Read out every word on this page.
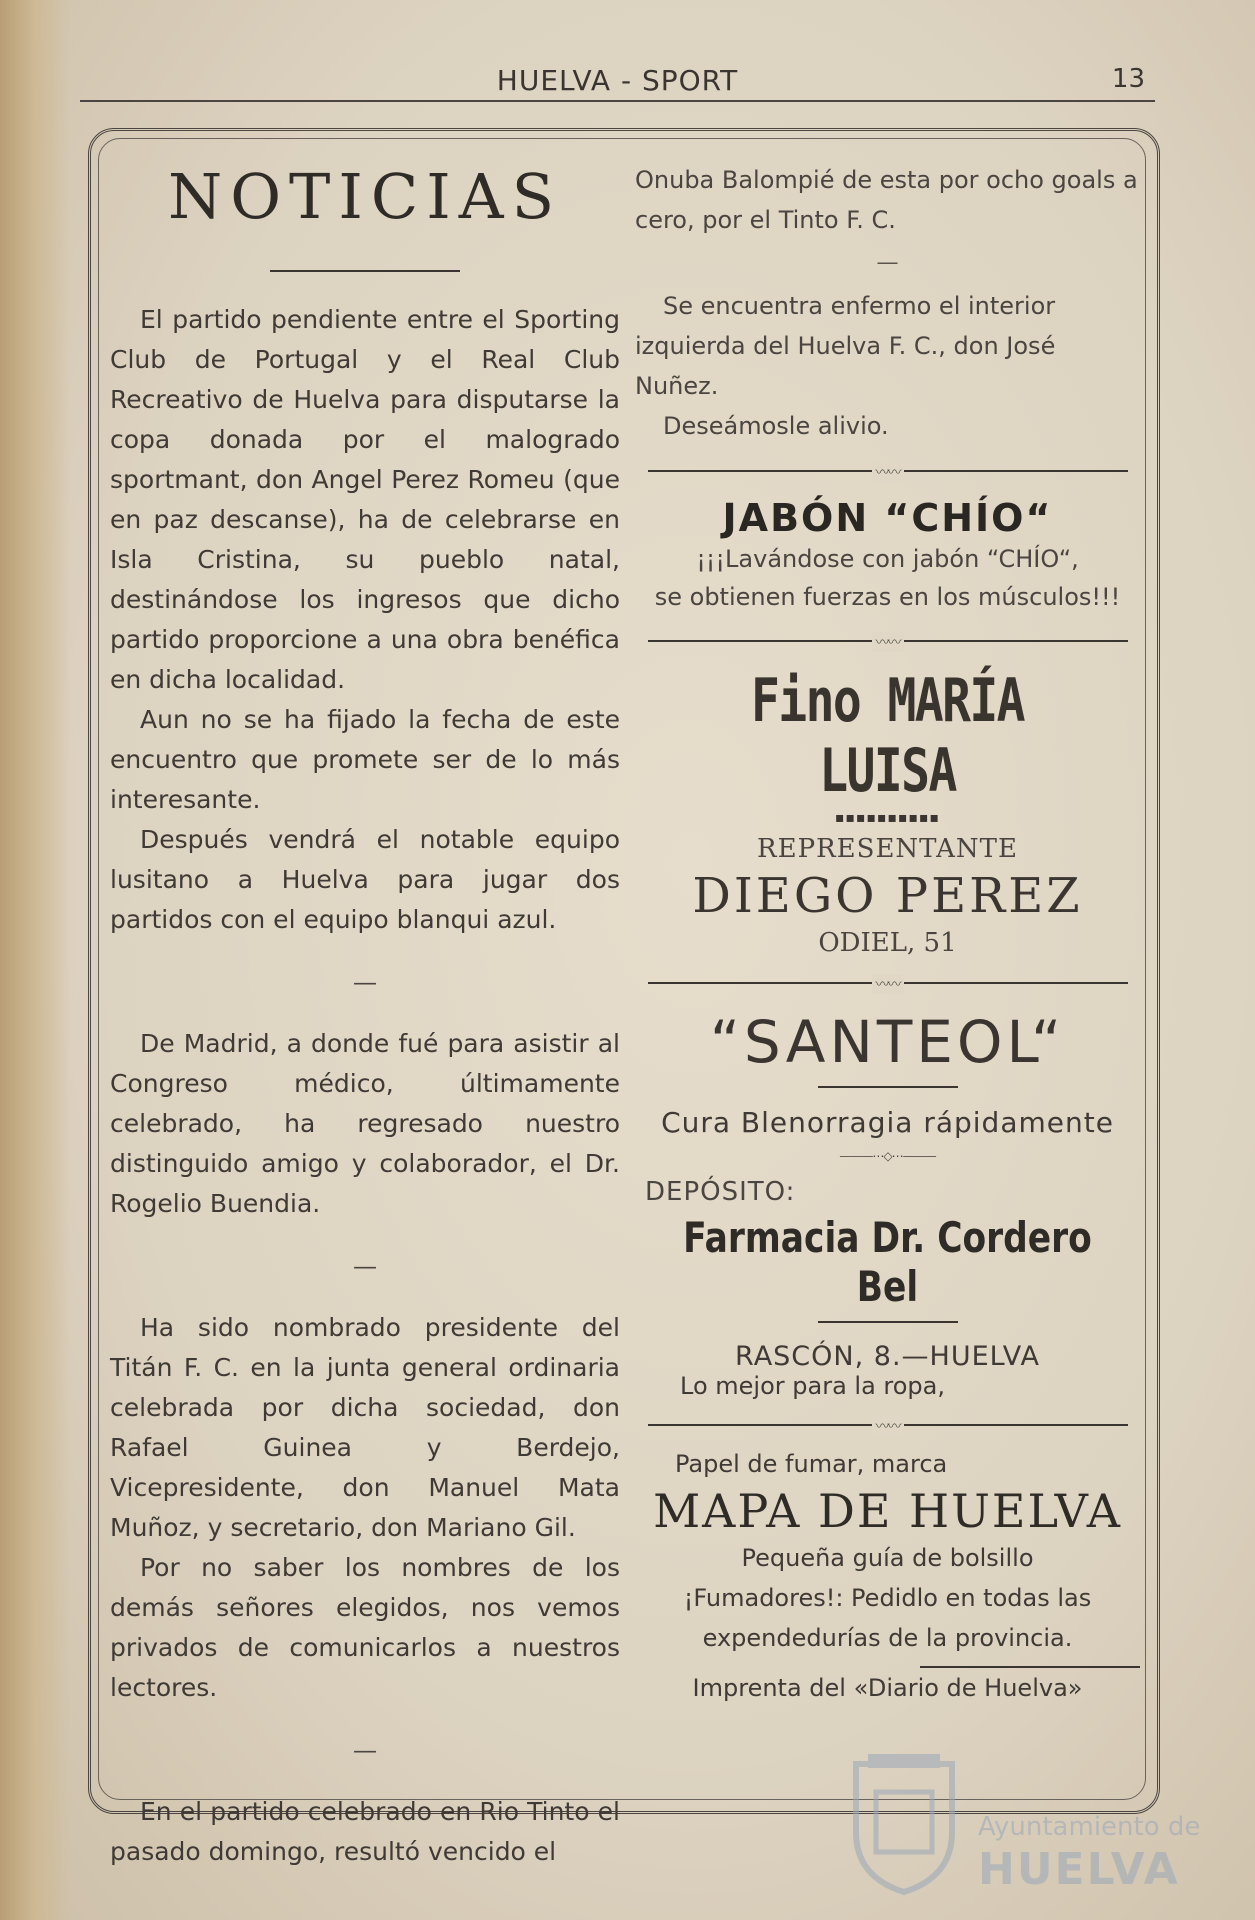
HUELVA - SPORT	13
NOTICIAS

El partido pendiente entre el Sporting Club de Portugal y el Real Club Recreativo de Huelva para disputarse la copa donada por el malogrado sportmant, don Angel Perez Romeu (que en paz descanse), ha de celebrarse en Isla Cristina, su pueblo natal, destinándose los ingresos que dicho partido proporcione a una obra benéfica en dicha localidad.

Aun no se ha fijado la fecha de este encuentro que promete ser de lo más interesante.

Después vendrá el notable equipo lusitano a Huelva para jugar dos partidos con el equipo blanqui azul.

—

De Madrid, a donde fué para asistir al Congreso médico, últimamente celebrado, ha regresado nuestro distinguido amigo y colaborador, el Dr. Rogelio Buendia.

—

Ha sido nombrado presidente del Titán F. C. en la junta general ordinaria celebrada por dicha sociedad, don Rafael Guinea y Berdejo, Vicepresidente, don Manuel Mata Muñoz, y secretario, don Mariano Gil.

Por no saber los nombres de los demás señores elegidos, nos vemos privados de comunicarlos a nuestros lectores.

—

En el partido celebrado en Rio Tinto el pasado domingo, resultó vencido el

Onuba Balompié de esta por ocho goals a cero, por el Tinto F. C.

—

Se encuentra enfermo el interior izquierda del Huelva F. C., don José Nuñez.

Deseámosle alivio.

〰〰

JABÓN “CHÍO“

¡¡¡Lavándose con jabón “CHÍO“,

se obtienen fuerzas en los músculos!!!

〰〰

Fino MARÍA LUISA

▪▪▪▪▪▪▪▪▪▪

REPRESENTANTE

DIEGO PEREZ

ODIEL, 51

〰〰

“SANTEOL“

Cura Blenorragia rápidamente

———⋯◇⋯———

DEPÓSITO:

Farmacia Dr. Cordero Bel

RASCÓN, 8.—HUELVA

Lo mejor para la ropa,

〰〰

Papel de fumar, marca

MAPA DE HUELVA

Pequeña guía de bolsillo

¡Fumadores!: Pedidlo en todas las expendedurías de la provincia.

Imprenta del «Diario de Huelva»

Ayuntamiento de
HUELVA
